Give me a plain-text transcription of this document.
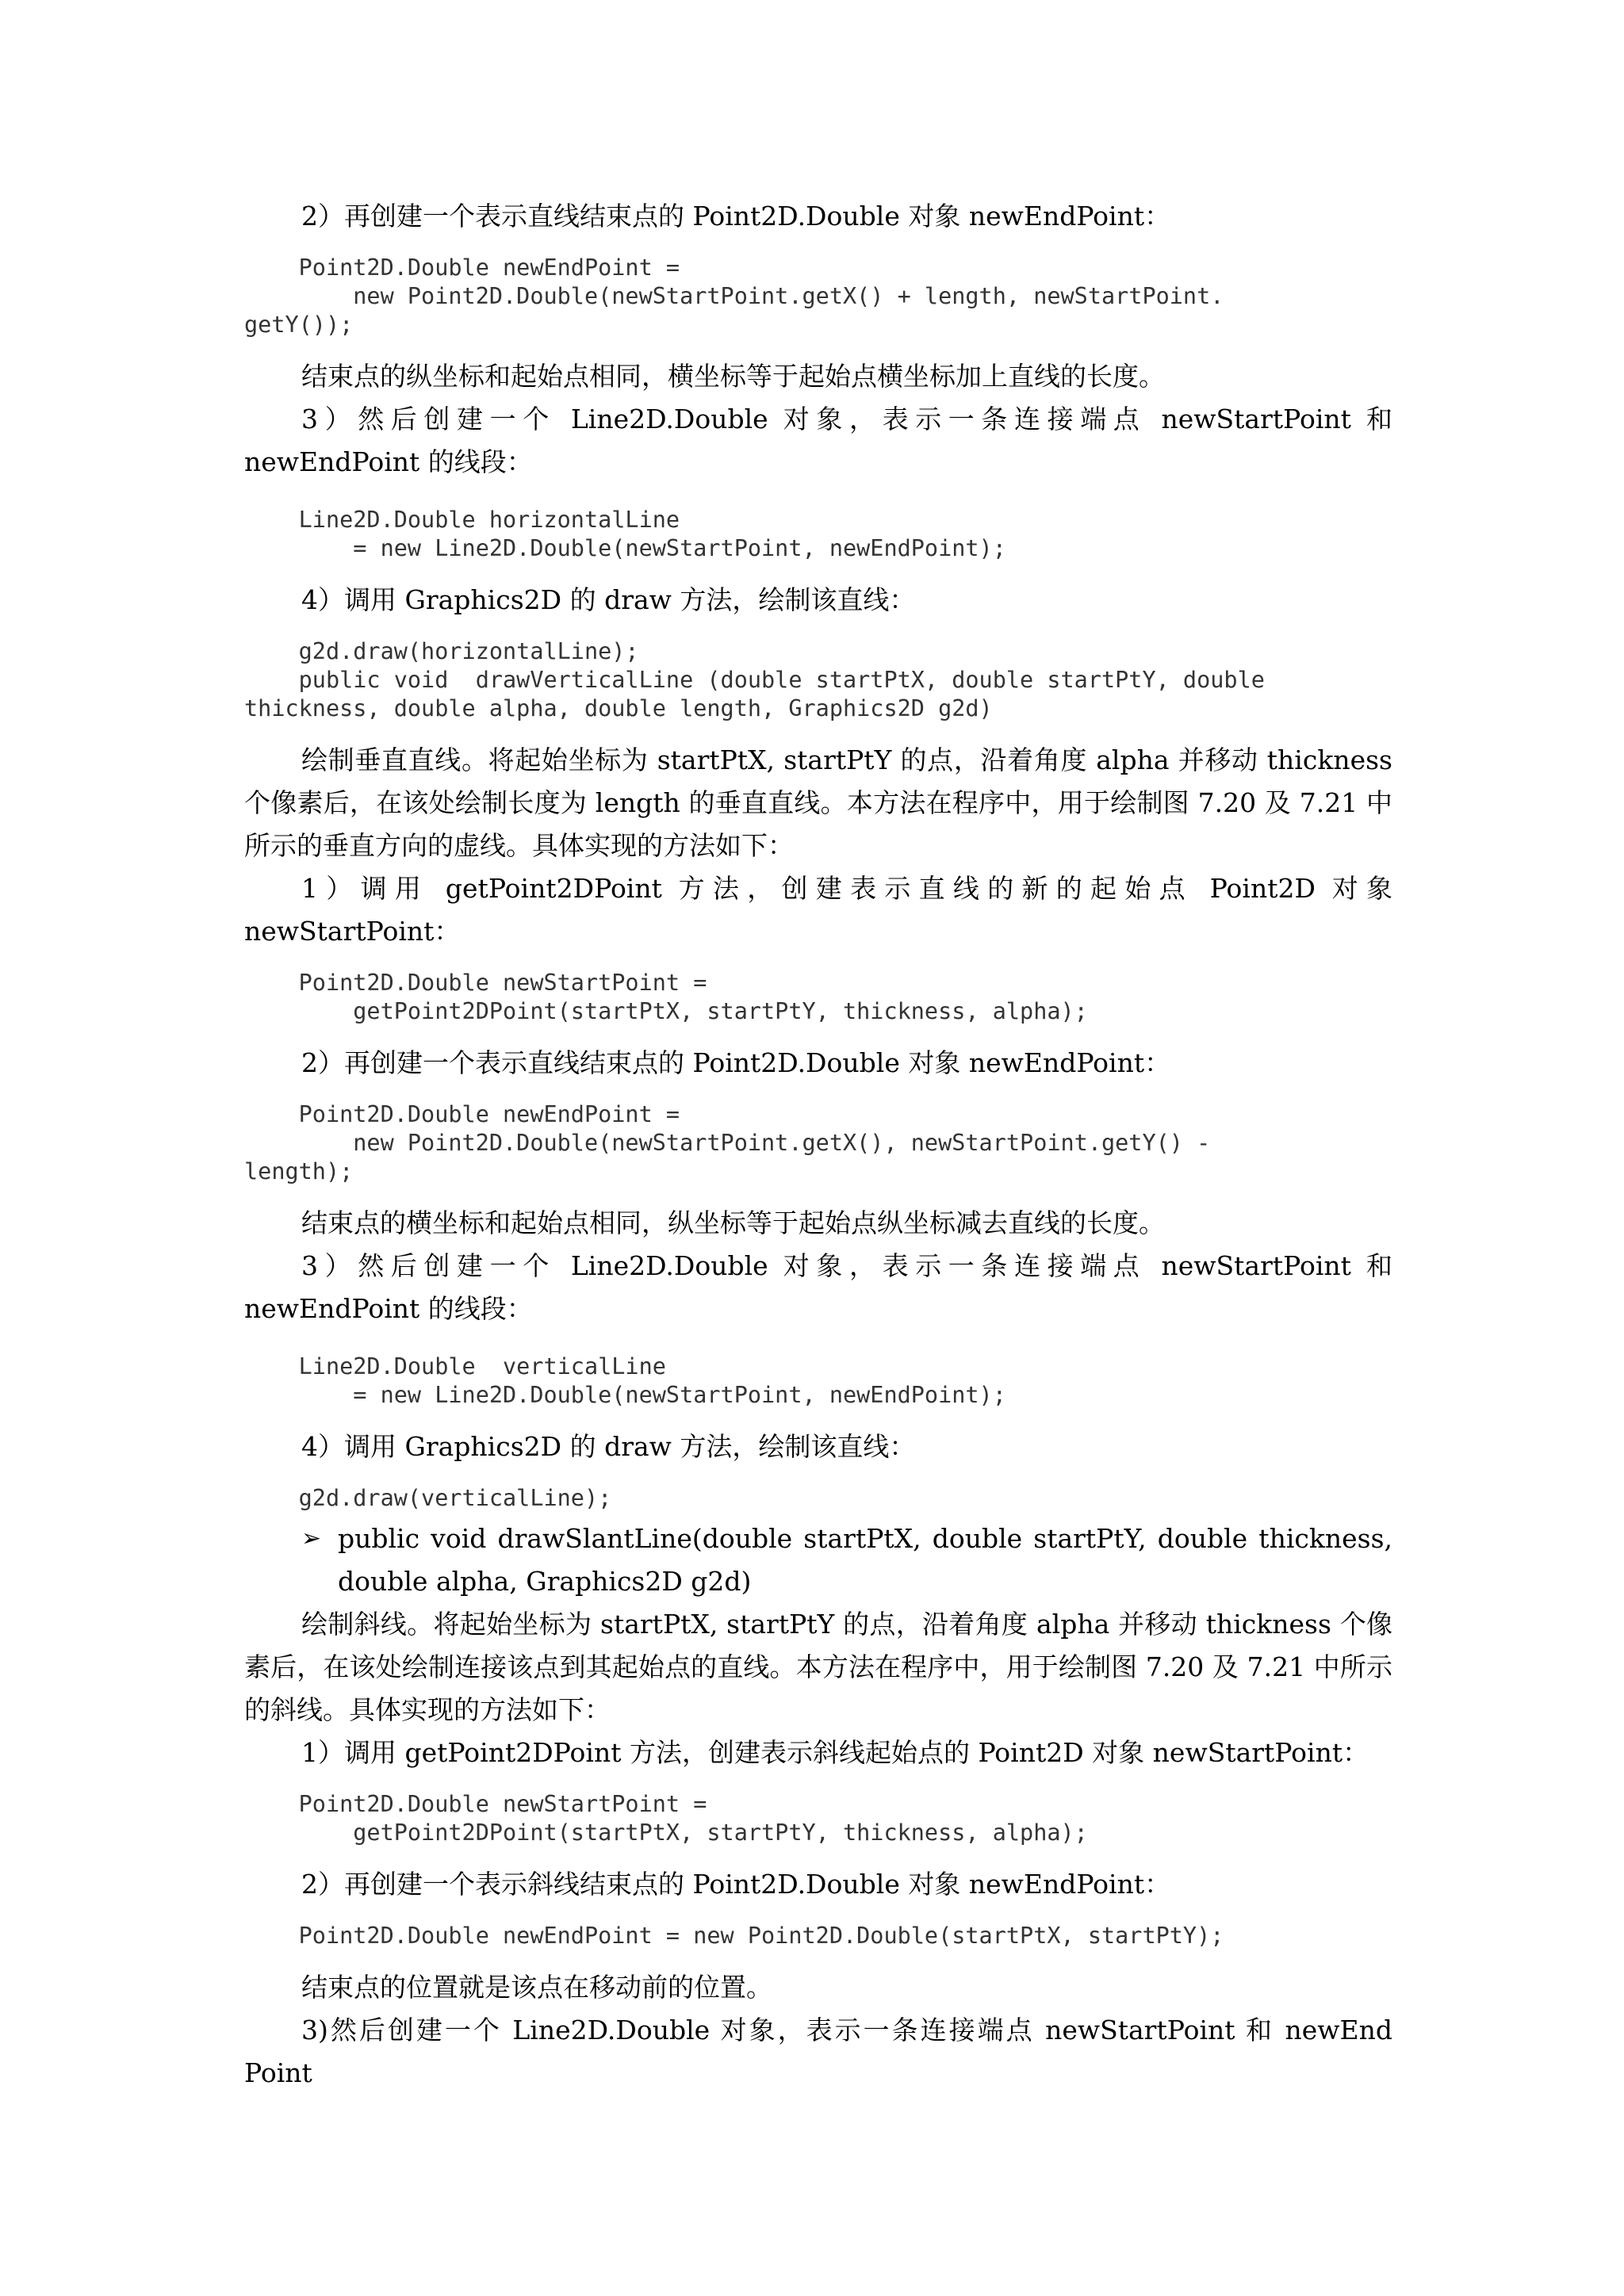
2）再创建一个表示直线结束点的 Point2D.Double 对象 newEndPoint：

Point2D.Double newEndPoint =
new Point2D.Double(newStartPoint.getX() + length, newStartPoint.
getY());

结束点的纵坐标和起始点相同，横坐标等于起始点横坐标加上直线的长度。

3）然后创建一个 Line2D.Double 对象，表示一条连接端点 newStartPoint 和 newEndPoint 的线段：

Line2D.Double horizontalLine
= new Line2D.Double(newStartPoint, newEndPoint);

4）调用 Graphics2D 的 draw 方法，绘制该直线：

g2d.draw(horizontalLine);
public void  drawVerticalLine (double startPtX, double startPtY, double
thickness, double alpha, double length, Graphics2D g2d)

绘制垂直直线。将起始坐标为 startPtX, startPtY 的点，沿着角度 alpha 并移动 thickness 个像素后，在该处绘制长度为 length 的垂直直线。本方法在程序中，用于绘制图 7.20 及 7.21 中所示的垂直方向的虚线。具体实现的方法如下：

1）调用 getPoint2DPoint 方法，创建表示直线的新的起始点 Point2D 对象 newStartPoint：

Point2D.Double newStartPoint =
getPoint2DPoint(startPtX, startPtY, thickness, alpha);

2）再创建一个表示直线结束点的 Point2D.Double 对象 newEndPoint：

Point2D.Double newEndPoint =
new Point2D.Double(newStartPoint.getX(), newStartPoint.getY() -
length);

结束点的横坐标和起始点相同，纵坐标等于起始点纵坐标减去直线的长度。

3）然后创建一个 Line2D.Double 对象，表示一条连接端点 newStartPoint 和 newEndPoint 的线段：

Line2D.Double  verticalLine
= new Line2D.Double(newStartPoint, newEndPoint);

4）调用 Graphics2D 的 draw 方法，绘制该直线：

g2d.draw(verticalLine);
➢ public void drawSlantLine(double startPtX, double startPtY, double thickness, double alpha, Graphics2D g2d)

绘制斜线。将起始坐标为 startPtX, startPtY 的点，沿着角度 alpha 并移动 thickness 个像素后，在该处绘制连接该点到其起始点的直线。本方法在程序中，用于绘制图 7.20 及 7.21 中所示的斜线。具体实现的方法如下：

1）调用 getPoint2DPoint 方法，创建表示斜线起始点的 Point2D 对象 newStartPoint：

Point2D.Double newStartPoint =
getPoint2DPoint(startPtX, startPtY, thickness, alpha);

2）再创建一个表示斜线结束点的 Point2D.Double 对象 newEndPoint：

Point2D.Double newEndPoint = new Point2D.Double(startPtX, startPtY);

结束点的位置就是该点在移动前的位置。

3)然后创建一个 Line2D.Double 对象，表示一条连接端点 newStartPoint 和 newEnd Point
